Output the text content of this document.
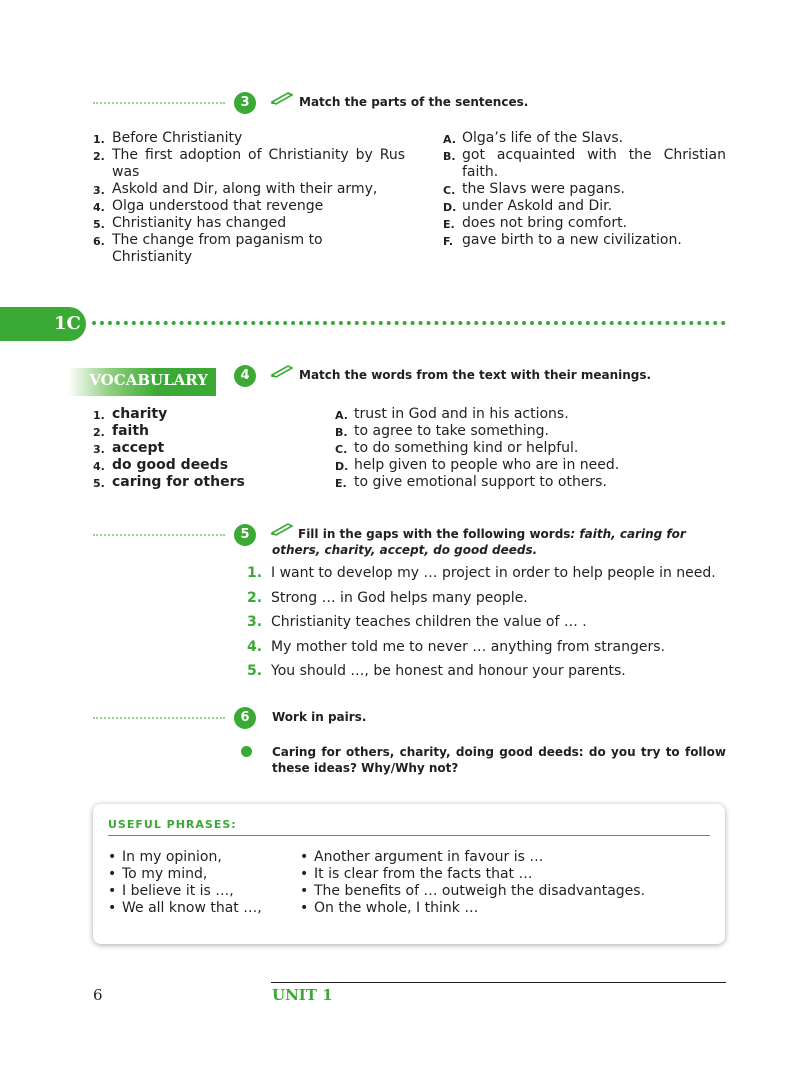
3	Match the parts of the sentences.
1. Before Christianity
2. The first adoption of Christianity by Rus was
3. Askold and Dir, along with their army,
4. Olga understood that revenge
5. Christianity has changed
6. The change from paganism to Christianity
A. Olga’s life of the Slavs.
B. got acquainted with the Christian faith.
C. the Slavs were pagans.
D. under Askold and Dir.
E. does not bring comfort.
F. gave birth to a new civilization.
1C
VOCABULARY	4	Match the words from the text with their meanings.
1. charity
2. faith
3. accept
4. do good deeds
5. caring for others
A. trust in God and in his actions.
B. to agree to take something.
C. to do something kind or helpful.
D. help given to people who are in need.
E. to give emotional support to others.
5	Fill in the gaps with the following words: faith, caring for others, charity, accept, do good deeds.
1. I want to develop my … project in order to help people in need.
2. Strong … in God helps many people.
3. Christianity teaches children the value of … .
4. My mother told me to never … anything from strangers.
5. You should …, be honest and honour your parents.
6	Work in pairs.
Caring for others, charity, doing good deeds: do you try to follow these ideas? Why/Why not?
USEFUL PHRASES:
• In my opinion,
• To my mind,
• I believe it is …,
• We all know that …,
• Another argument in favour is …
• It is clear from the facts that …
• The benefits of … outweigh the disadvantages.
• On the whole, I think …
6	UNIT 1
